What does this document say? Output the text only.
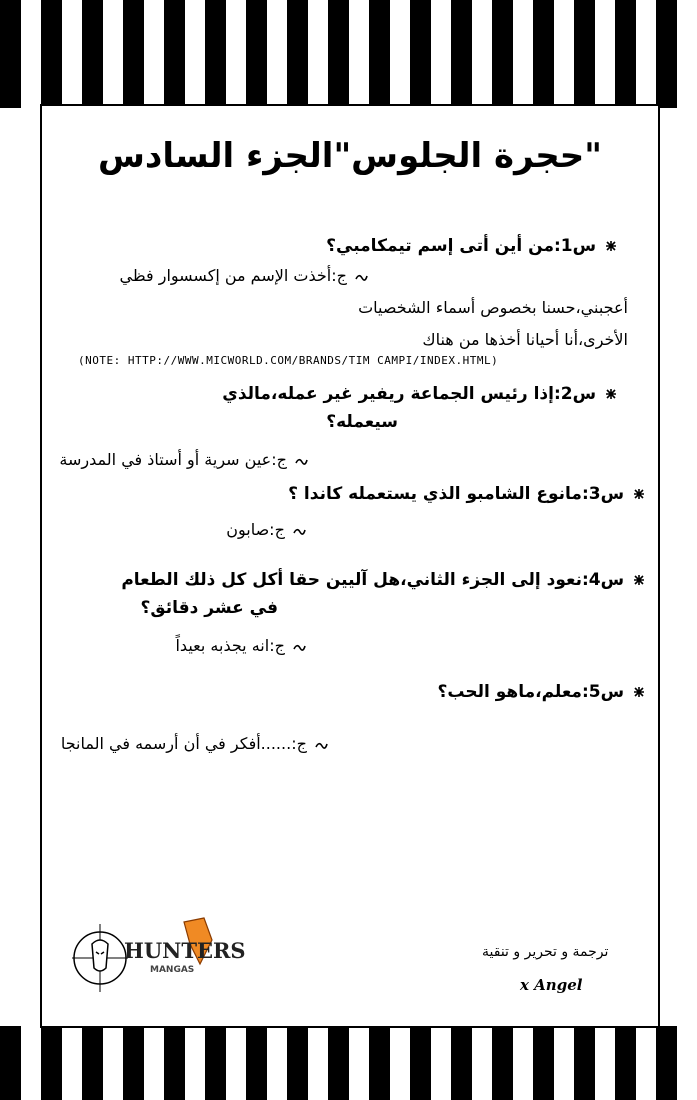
"حجرة الجلوس"الجزء السادس
س1:من أين أتى إسم تيمكامبي؟
ج:أخذت الإسم من إكسسوار فظي
أعجبني،حسنا بخصوص أسماء الشخصيات
الأخرى،أنا أحيانا أخذها من هناك
(NOTE: HTTP://WWW.MICWORLD.COM/BRANDS/TIM CAMPI/INDEX.HTML)
س2:إذا رئيس الجماعة ريفير غير عمله،مالذي
سيعمله؟
ج:عين سرية أو أستاذ في المدرسة
س3:مانوع الشامبو الذي يستعمله كاندا ؟
ج:صابون
س4:نعود إلى الجزء الثاني،هل آليين حقا أكل كل ذلك الطعام
في عشر دقائق؟
ج:انه يجذبه بعيداً
س5:معلم،ماهو الحب؟
ج:......أفكر في أن أرسمه في المانجا
HUNTERS
MANGAS
ترجمة و تحرير و تنقية
x Angel
